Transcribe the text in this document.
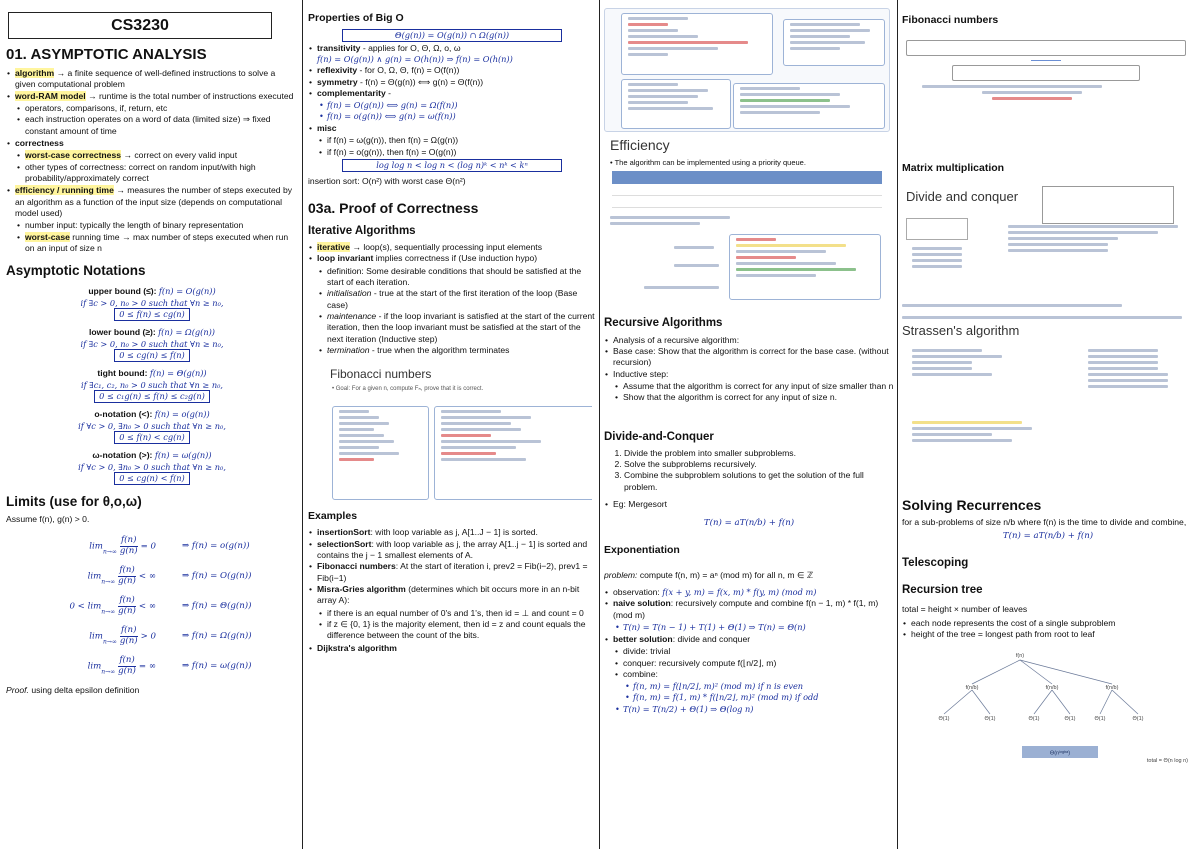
CS3230
01. ASYMPTOTIC ANALYSIS
• algorithm → a finite sequence of well-defined instructions to solve a given computational problem
• word-RAM model → runtime is the total number of instructions executed
• operators, comparisons, if, return, etc
• each instruction operates on a word of data (limited size) ⇒ fixed constant amount of time
• correctness
• worst-case correctness → correct on every valid input
• other types of correctness: correct on random input/with high probability/approximately correct
• efficiency / running time → measures the number of steps executed by an algorithm as a function of the input size (depends on computational model used)
• number input: typically the length of binary representation
• worst-case running time → max number of steps executed when run on an input of size n
Asymptotic Notations
upper bound (≤): f(n) = O(g(n))
if ∃c > 0, n₀ > 0 such that ∀n ≥ n₀,
0 ≤ f(n) ≤ cg(n)
lower bound (≥): f(n) = Ω(g(n))
if ∃c > 0, n₀ > 0 such that ∀n ≥ n₀,
0 ≤ cg(n) ≤ f(n)
tight bound: f(n) = Θ(g(n))
if ∃c₁, c₂, n₀ > 0 such that ∀n ≥ n₀,
0 ≤ c₁g(n) ≤ f(n) ≤ c₂g(n)
o-notation (<): f(n) = o(g(n))
if ∀c > 0, ∃n₀ > 0 such that ∀n ≥ n₀,
0 ≤ f(n) < cg(n)
ω-notation (>): f(n) = ω(g(n))
if ∀c > 0, ∃n₀ > 0 such that ∀n ≥ n₀,
0 ≤ cg(n) < f(n)
Limits (use for θ,o,ω)

Assume f(n), g(n) > 0.

$\lim_{n\to\infty} \frac{f(n)}{g(n)} = 0$	⇒ f(n) = o(g(n))
$\lim_{n\to\infty} \frac{f(n)}{g(n)}$ < ∞	⇒ f(n) = O(g(n))
$0 < \lim_{n\to\infty} \frac{f(n)}{g(n)}$ < ∞	⇒ f(n) = Θ(g(n))
$\lim_{n\to\infty} \frac{f(n)}{g(n)} > 0$	⇒ f(n) = Ω(g(n))
$\lim_{n\to\infty} \frac{f(n)}{g(n)}$ = ∞	⇒ f(n) = ω(g(n))

Proof. using delta epsilon definition

Properties of Big O
Θ(g(n)) = O(g(n)) ∩ Ω(g(n))
• transitivity - applies for O, Θ, Ω, o, ω
f(n) = O(g(n)) ∧ g(n) = O(h(n)) ⇒ f(n) = O(h(n))
• reflexivity - for O, Ω, Θ, f(n) = O(f(n))
• symmetry - f(n) = Θ(g(n)) ⟺ g(n) = Θ(f(n))
• complementarity -
• f(n) = O(g(n)) ⟺ g(n) = Ω(f(n))
• f(n) = o(g(n)) ⟺ g(n) = ω(f(n))
• misc
• if f(n) = ω(g(n)), then f(n) = Ω(g(n))
• if f(n) = o(g(n)), then f(n) = O(g(n))
log log n < log n < (log n)ᵏ < nᵏ < kⁿ

insertion sort: O(n²) with worst case Θ(n²)

03a. Proof of Correctness
Iterative Algorithms
• iterative → loop(s), sequentially processing input elements
• loop invariant implies correctness if (Use induction hypo)
• definition: Some desirable conditions that should be satisfied at the start of each iteration.
• initialisation - true at the start of the first iteration of the loop (Base case)
• maintenance - if the loop invariant is satisfied at the start of the current iteration, then the loop invariant must be satisfied at the start of the next iteration (Inductive step)
• termination - true when the algorithm terminates
Fibonacci numbers
• Goal: For a given n, compute Fₙ, prove that it is correct.
Examples
• insertionSort: with loop variable as j, A[1..J − 1] is sorted.
• selectionSort: with loop variable as j, the array A[1..j − 1] is sorted and contains the j − 1 smallest elements of A.
• Fibonacci numbers: At the start of iteration i, prev2 = Fib(i−2), prev1 = Fib(i−1)
• Misra-Gries algorithm (determines which bit occurs more in an n-bit array A):
• if there is an equal number of 0's and 1's, then id = ⊥ and count = 0
• if z ∈ {0, 1} is the majority element, then id = z and count equals the difference between the count of the bits.
• Dijkstra's algorithm
Efficiency
• The algorithm can be implemented using a priority queue.

Recursive Algorithms
• Analysis of a recursive algorithm:
• Base case: Show that the algorithm is correct for the base case. (without recursion)
• Inductive step:
• Assume that the algorithm is correct for any input of size smaller than n
• Show that the algorithm is correct for any input of size n.
Divide-and-Conquer
1. Divide the problem into smaller subproblems.
2. Solve the subproblems recursively.
3. Combine the subproblem solutions to get the solution of the full problem.
• Eg: Mergesort
T(n) = aT(n/b) + f(n)
Exponentiation

problem: compute f(n, m) = aⁿ (mod m) for all n, m ∈ ℤ

• observation: f(x + y, m) = f(x, m) * f(y, m) (mod m)
• naive solution: recursively compute and combine f(n − 1, m) * f(1, m) (mod m)
• T(n) = T(n − 1) + T(1) + Θ(1) ⇒ T(n) = Θ(n)
• better solution: divide and conquer
• divide: trivial
• conquer: recursively compute f(⌊n/2⌋, m)
• combine:
• f(n, m) = f(⌊n/2⌋, m)² (mod m) if n is even
• f(n, m) = f(1, m) * f(⌊n/2⌋, m)² (mod m) if odd
• T(n) = T(n/2) + Θ(1) ⇒ Θ(log n)
Fibonacci numbers
Matrix multiplication
Divide and conquer
Strassen's algorithm
Solving Recurrences

for a sub-problems of size n/b where f(n) is the time to divide and combine,

T(n) = aT(n/b) + f(n)
Telescoping
Recursion tree

total = height × number of leaves

• each node represents the cost of a single subproblem
• height of the tree = longest path from root to leaf
f(n)
f(n/b)	f(n/b)	f(n/b)
Θ(1)	Θ(1)	Θ(1)	Θ(1)	Θ(1)	Θ(1)
Θ(nˡᵒᵍᵇᵃ)
total = Θ(n log n)
